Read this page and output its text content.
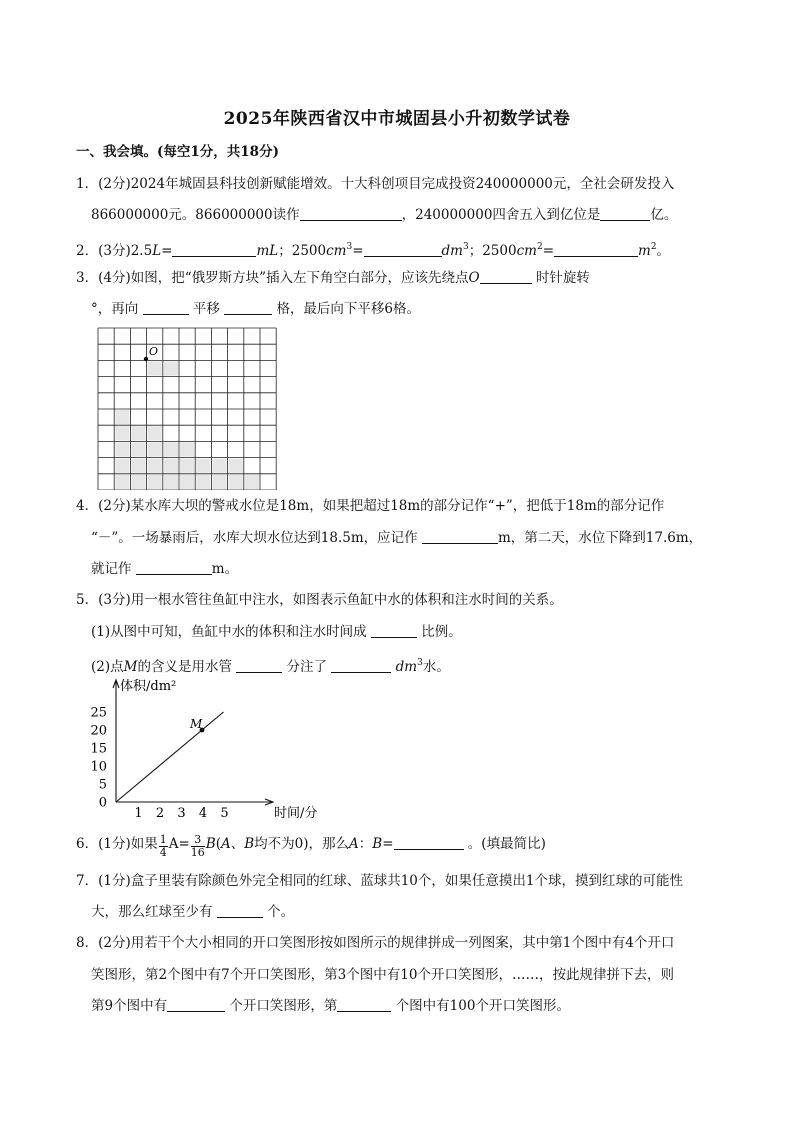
2025年陕西省汉中市城固县小升初数学试卷
一、我会填。(每空1分，共18分)
1．(2分)2024年城固县科技创新赋能增效。十大科创项目完成投资240000000元，全社会研发投入
866000000元。866000000读作	，240000000四舍五入到亿位是	亿。
2．(3分)2.5L=	mL；$2500cm^3=$	$dm^3$；$2500cm^2=$	$m^2$。
3．(4分)如图，把“俄罗斯方块”插入左下角空白部分，应该先绕点O	时针旋转
°，再向	平移	格，最后向下平移6格。
O
4．(2分)某水库大坝的警戒水位是18m，如果把超过18m的部分记作“+”，把低于18m的部分记作
“－”。一场暴雨后，水库大坝水位达到18.5m，应记作	m，第二天，水位下降到17.6m，
就记作	m。
5．(3分)用一根水管往鱼缸中注水，如图表示鱼缸中水的体积和注水时间的关系。
(1)从图中可知，鱼缸中水的体积和注水时间成	比例。
(2)点M的含义是用水管	分注了	$dm^3$水。
体积/dm²
时间/分
0
5
10
15
20
25
1 2 3 4 5
M
6．(1分)如果 $\frac{1}{4} A= \frac{3}{16} B(A$、B均不为0)，那么A：B=	。(填最简比)
7．(1分)盒子里装有除颜色外完全相同的红球、蓝球共10个，如果任意摸出1个球，摸到红球的可能性
大，那么红球至少有	个。
8．(2分)用若干个大小相同的开口笑图形按如图所示的规律拼成一列图案，其中第1个图中有4个开口
笑图形，第2个图中有7个开口笑图形，第3个图中有10个开口笑图形，……，按此规律拼下去，则
第9个图中有	个开口笑图形，第	个图中有100个开口笑图形。
